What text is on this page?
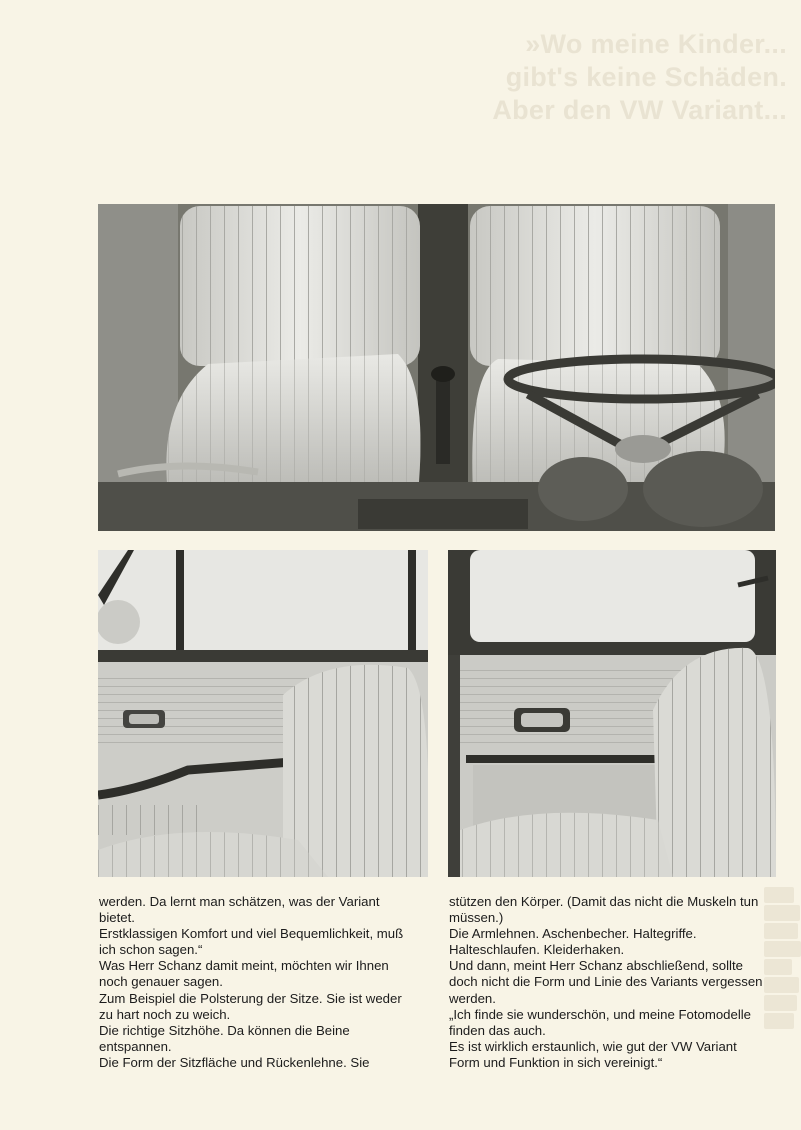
»Wo meine Kinder...
gibt's keine Schäden.
Aber den VW Variant...

werden. Da lernt man schätzen, was der Variant bietet.

Erstklassigen Komfort und viel Bequemlichkeit, muß ich schon sagen.“

Was Herr Schanz damit meint, möchten wir Ihnen noch genauer sagen.

Zum Beispiel die Polsterung der Sitze. Sie ist weder zu hart noch zu weich.

Die richtige Sitzhöhe. Da können die Beine entspannen.

Die Form der Sitzfläche und Rückenlehne. Sie

stützen den Körper. (Damit das nicht die Muskeln tun müssen.)

Die Armlehnen. Aschenbecher. Haltegriffe. Halteschlaufen. Kleiderhaken.

Und dann, meint Herr Schanz abschließend, sollte doch nicht die Form und Linie des Variants vergessen werden.

„Ich finde sie wunderschön, und meine Fotomodelle finden das auch.

Es ist wirklich erstaunlich, wie gut der VW Variant Form und Funktion in sich vereinigt.“
